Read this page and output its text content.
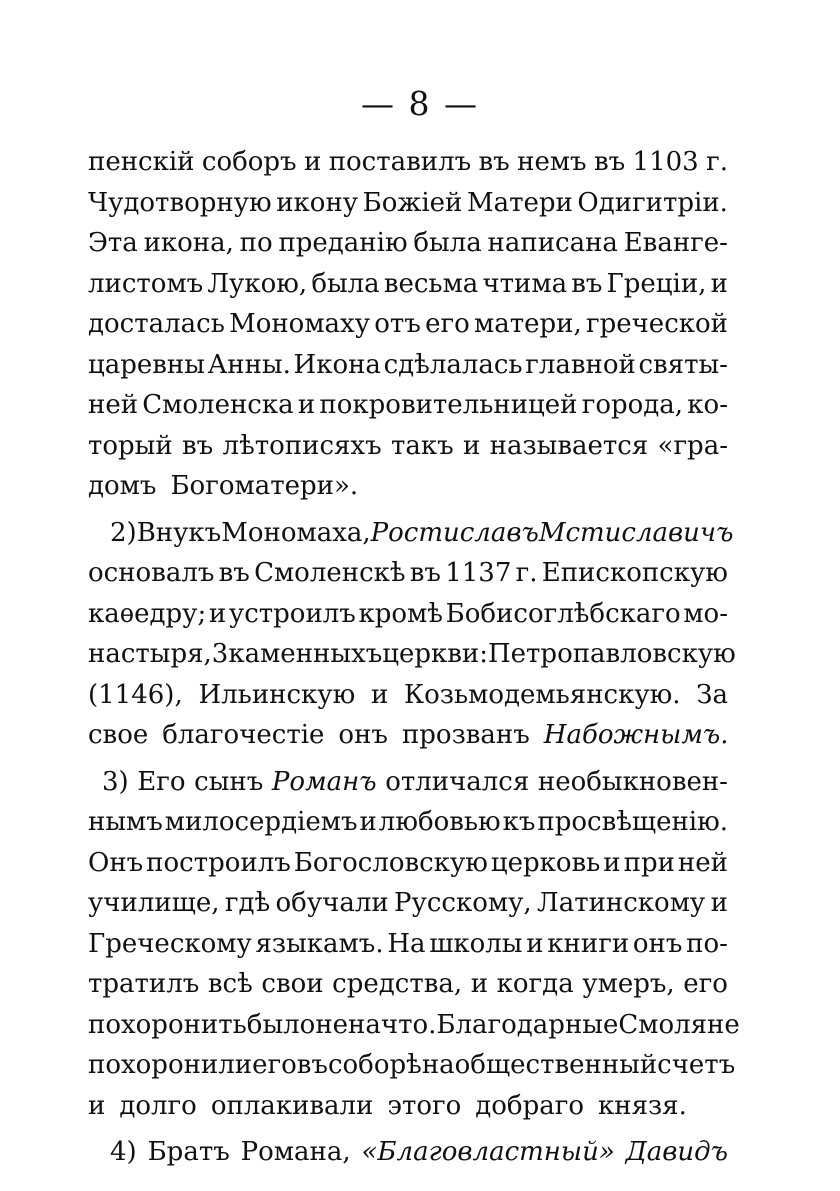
— 8 —
пенскій соборъ и поставилъ въ немъ въ 1103 г.
Чудотворную икону Божіей Матери Одигитріи.
Эта икона, по преданію была написана Еванге-
листомъ Лукою, была весьма чтима въ Греціи, и
досталась Мономаху отъ его матери, греческой
царевны Анны. Икона сдѣлалась главной святы-
ней Смоленска и покровительницей города, ко-
торый въ лѣтописяхъ такъ и называется «гра-
домъ Богоматери».
2) Внукъ Мономаха, Ростиславъ Мстиславичъ
основалъ въ Смоленскѣ въ 1137 г. Епископскую
каѳедру; и устроилъ кромѣ Бобисоглѣбскаго мо-
настыря, 3 каменныхъ церкви: Петропавловскую
(1146), Ильинскую и Козьмодемьянскую. За
свое благочестіе онъ прозванъ Набожнымъ.
3) Его сынъ Романъ отличался необыкновен-
нымъ милосердіемъ и любовью къ просвѣщенію.
Онъ построилъ Богословскую церковь и при ней
училище, гдѣ обучали Русскому, Латинскому и
Греческому языкамъ. На школы и книги онъ по-
тратилъ всѣ свои средства, и когда умеръ, его
похоронить было не на что. Благодарные Смоляне
похоронили его въ соборѣ на общественный счетъ
и долго оплакивали этого добраго князя.
4) Братъ Романа, «Благовластный» Давидъ
